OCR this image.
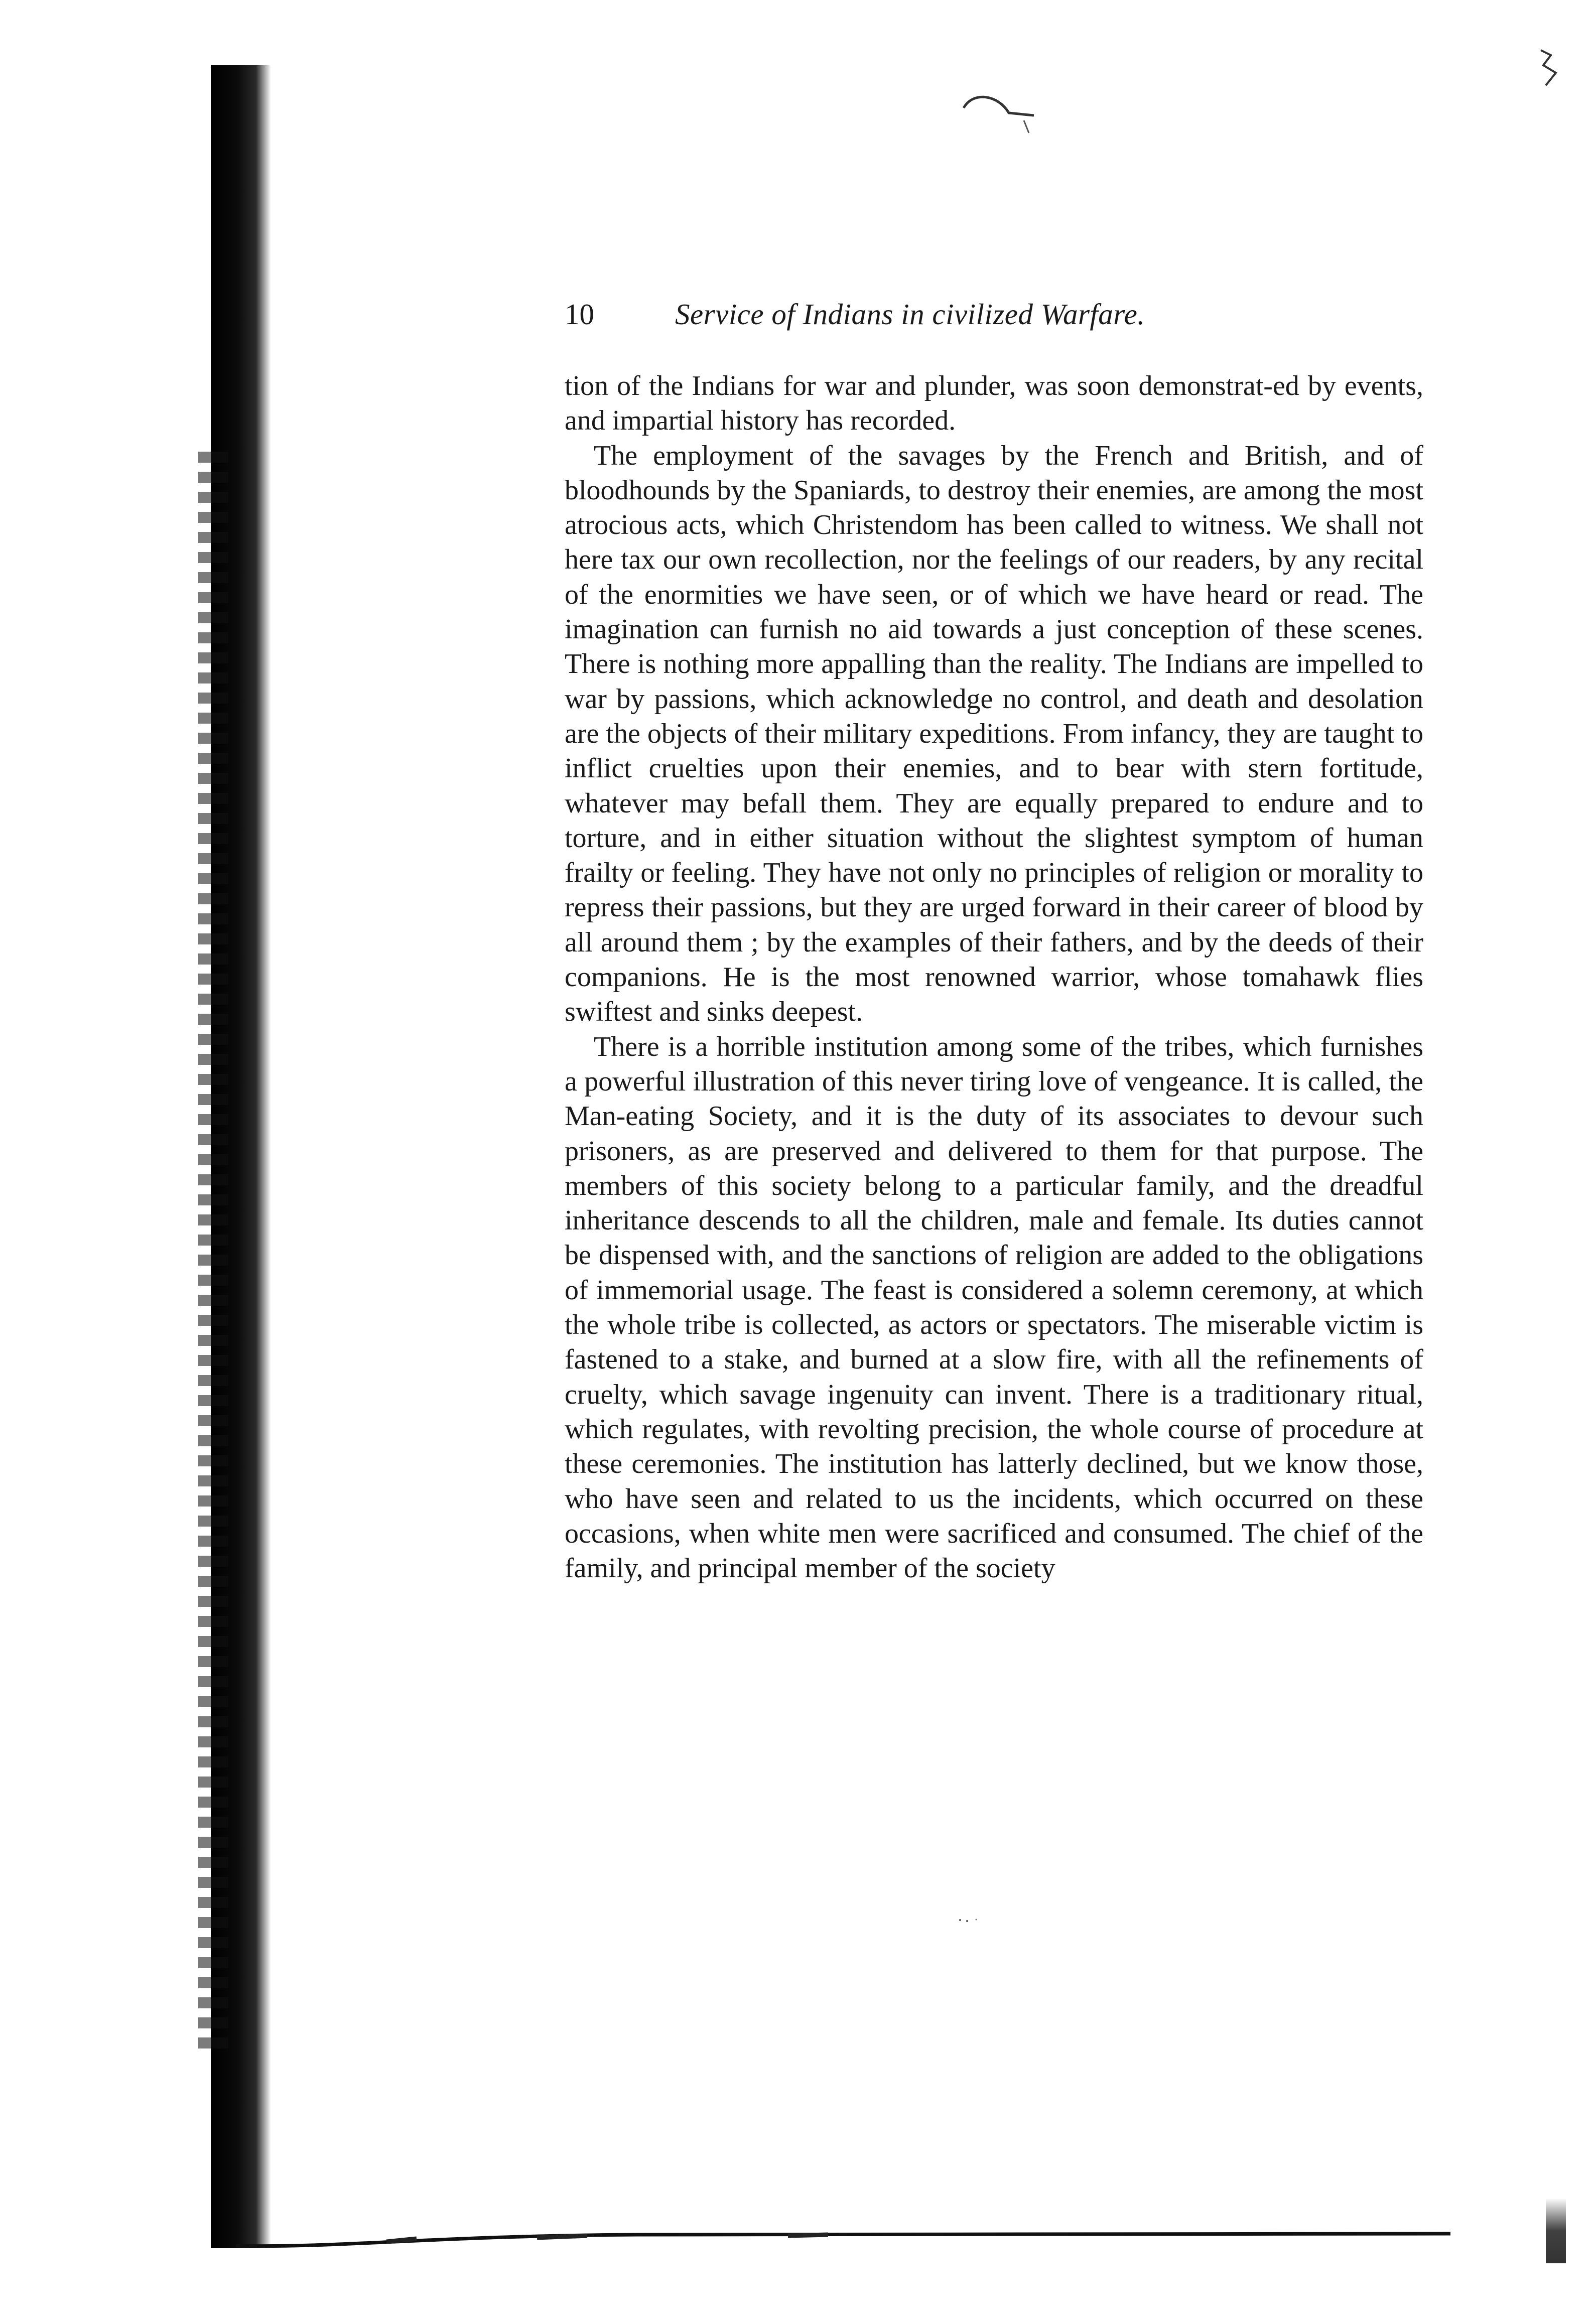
10	Service of Indians in civilized Warfare.

tion of the Indians for war and plunder, was soon demonstrat-ed by events, and impartial history has recorded.

The employment of the savages by the French and British, and of bloodhounds by the Spaniards, to destroy their enemies, are among the most atrocious acts, which Christendom has been called to witness. We shall not here tax our own recollection, nor the feelings of our readers, by any recital of the enormities we have seen, or of which we have heard or read. The imagination can furnish no aid towards a just conception of these scenes. There is nothing more appalling than the reality. The Indians are impelled to war by passions, which acknowledge no control, and death and desolation are the objects of their military expeditions. From infancy, they are taught to inflict cruelties upon their enemies, and to bear with stern fortitude, whatever may befall them. They are equally prepared to endure and to torture, and in either situation without the slightest symptom of human frailty or feeling. They have not only no principles of religion or morality to repress their passions, but they are urged forward in their career of blood by all around them ; by the examples of their fathers, and by the deeds of their companions. He is the most renowned warrior, whose tomahawk flies swiftest and sinks deepest.

There is a horrible institution among some of the tribes, which furnishes a powerful illustration of this never tiring love of vengeance. It is called, the Man-eating Society, and it is the duty of its associates to devour such prisoners, as are preserved and delivered to them for that purpose. The members of this society belong to a particular family, and the dreadful inheritance descends to all the children, male and female. Its duties cannot be dispensed with, and the sanctions of religion are added to the obligations of immemorial usage. The feast is considered a solemn ceremony, at which the whole tribe is collected, as actors or spectators. The miserable victim is fastened to a stake, and burned at a slow fire, with all the refinements of cruelty, which savage ingenuity can invent. There is a traditionary ritual, which regulates, with revolting precision, the whole course of procedure at these ceremonies. The institution has latterly declined, but we know those, who have seen and related to us the incidents, which occurred on these occasions, when white men were sacrificed and consumed. The chief of the family, and principal member of the society
